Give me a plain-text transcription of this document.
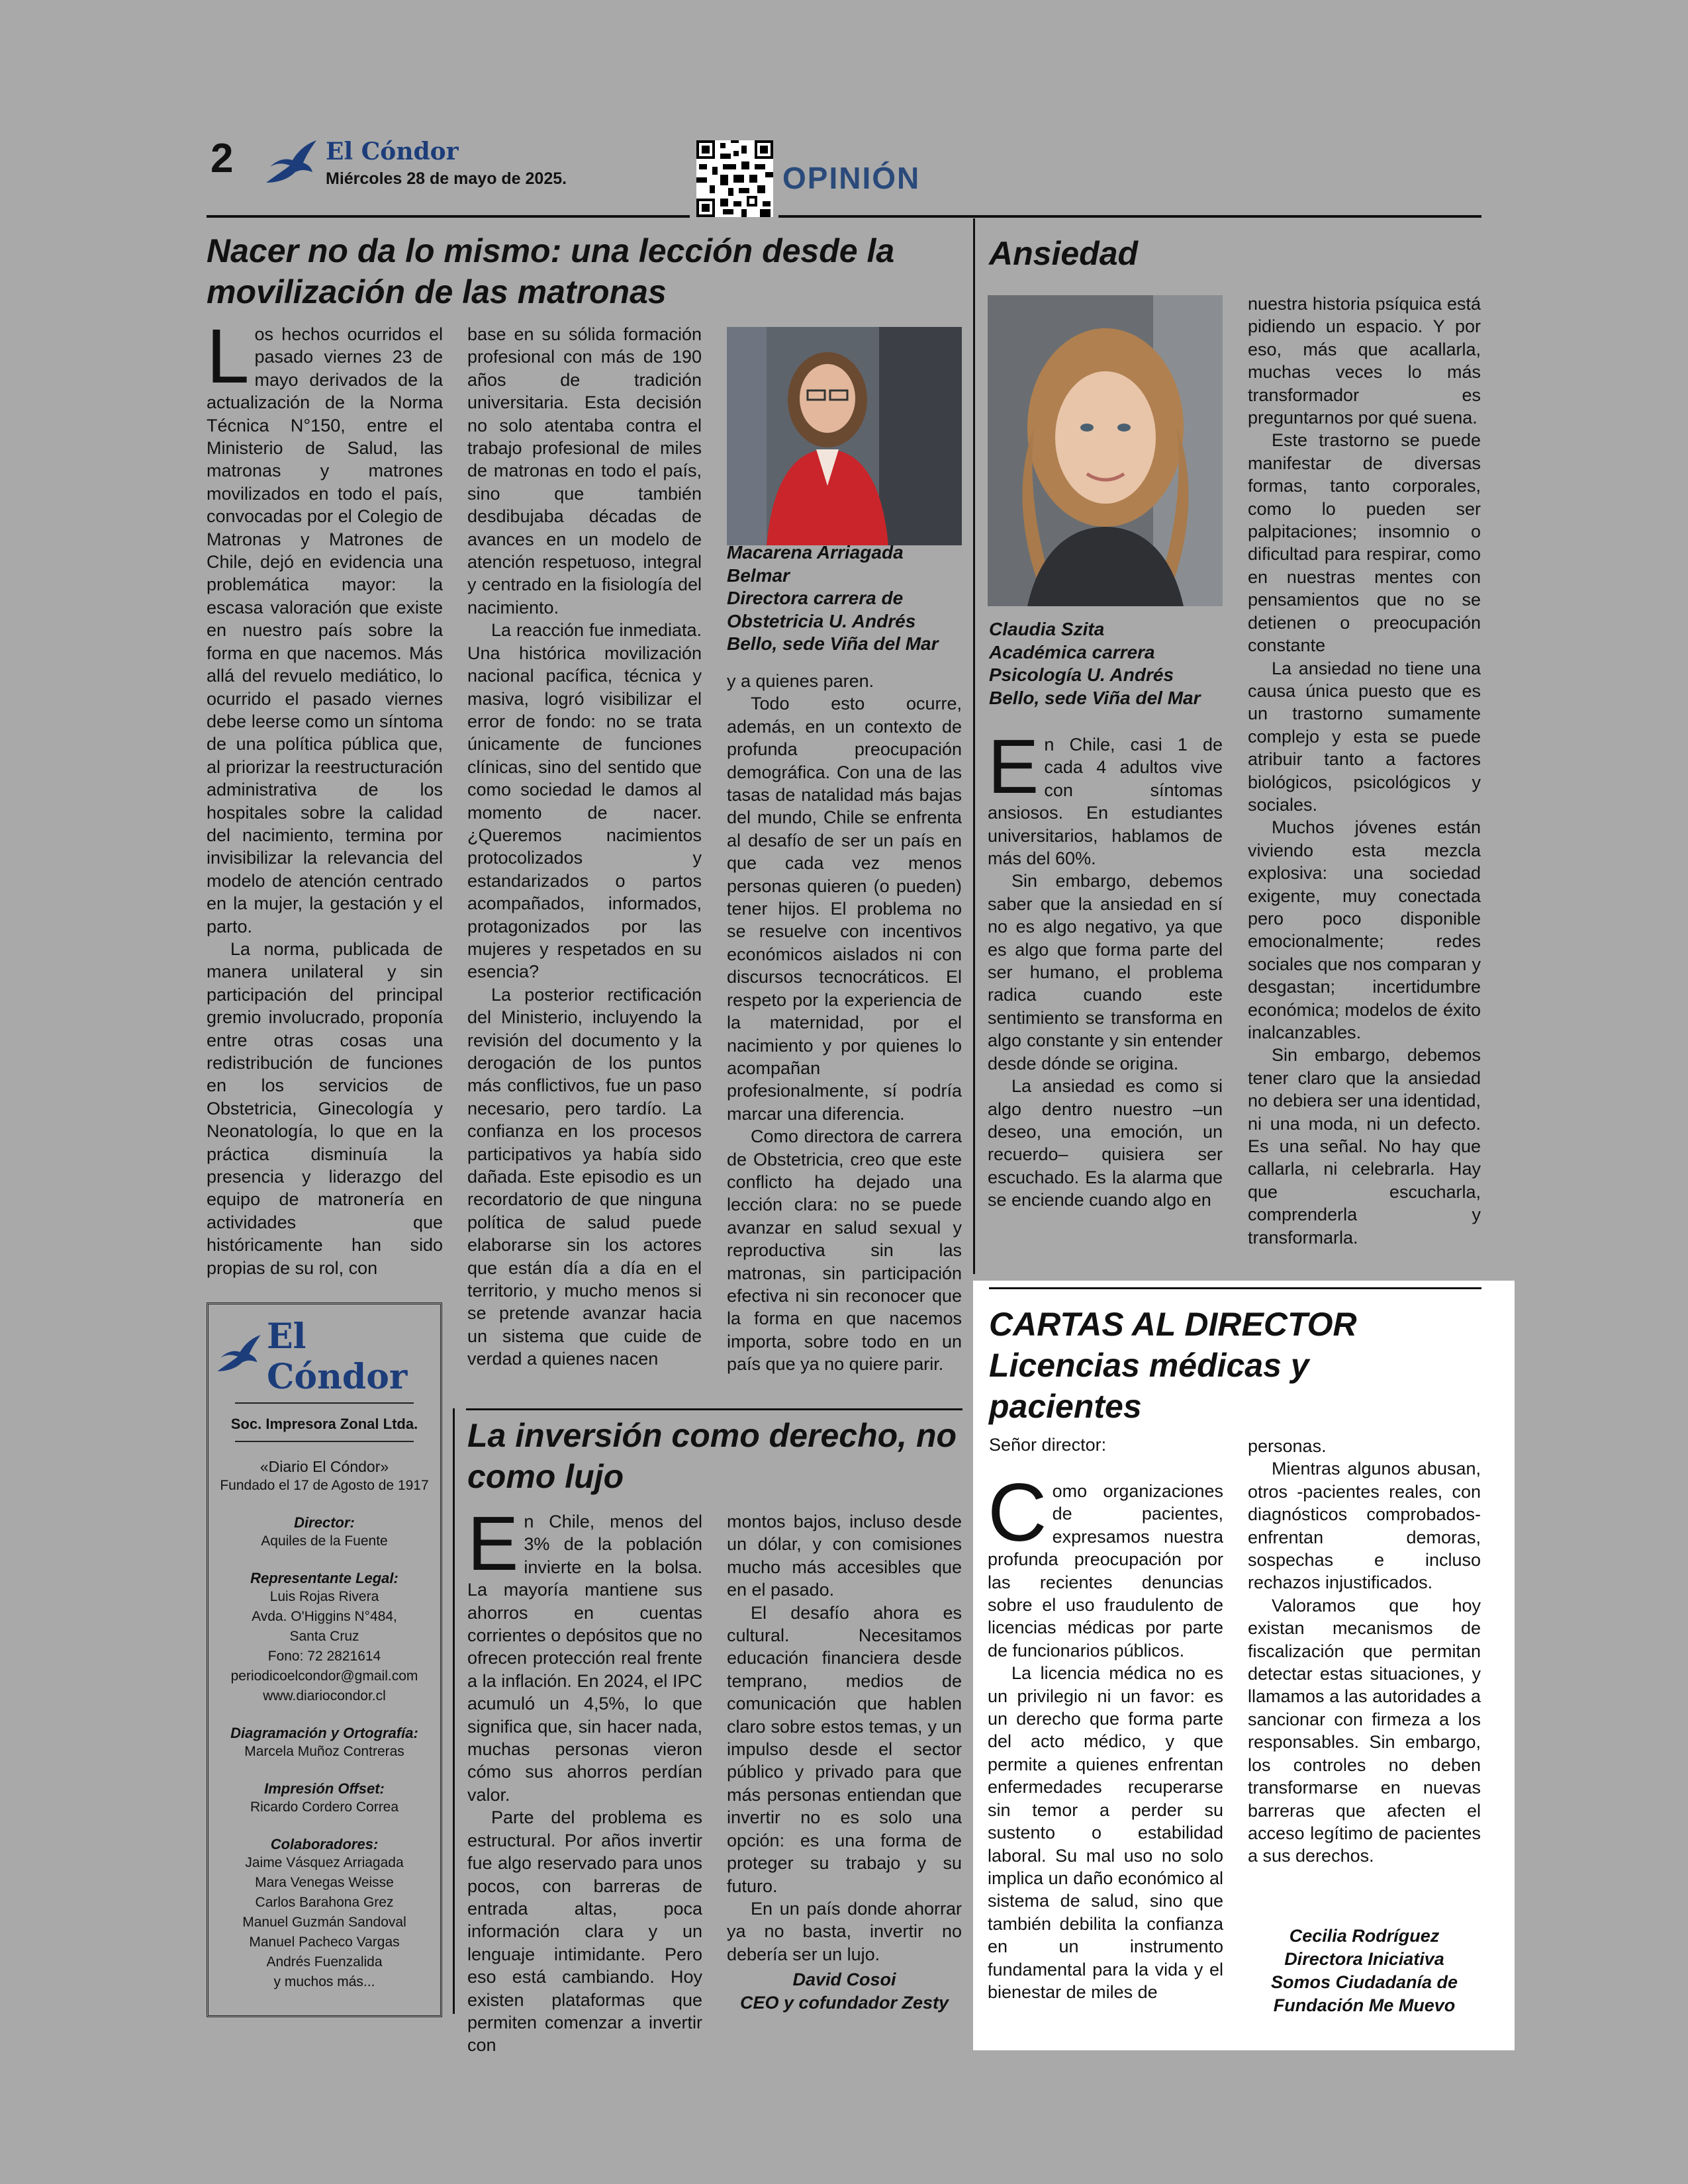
2	El Cóndor
Miércoles 28 de mayo de 2025.	OPINIÓN
Nacer no da lo mismo: una lección desde la movilización de las matronas

Los hechos ocurridos el pasado viernes 23 de mayo derivados de la actualización de la Norma Técnica N°150, entre el Ministerio de Salud, las matronas y matrones movilizados en todo el país, convocadas por el Colegio de Matronas y Matrones de Chile, dejó en evidencia una problemática mayor: la escasa valoración que existe en nuestro país sobre la forma en que nacemos. Más allá del revuelo mediático, lo ocurrido el pasado viernes debe leerse como un síntoma de una política pública que, al priorizar la reestructuración administrativa de los hospitales sobre la calidad del nacimiento, termina por invisibilizar la relevancia del modelo de atención centrado en la mujer, la gestación y el parto.

La norma, publicada de manera unilateral y sin participación del principal gremio involucrado, proponía entre otras cosas una redistribución de funciones en los servicios de Obstetricia, Ginecología y Neonatología, lo que en la práctica disminuía la presencia y liderazgo del equipo de matronería en actividades que históricamente han sido propias de su rol, con

base en su sólida formación profesional con más de 190 años de tradición universitaria. Esta decisión no solo atentaba contra el trabajo profesional de miles de matronas en todo el país, sino que también desdibujaba décadas de avances en un modelo de atención respetuoso, integral y centrado en la fisiología del nacimiento.

La reacción fue inmediata. Una histórica movilización nacional pacífica, técnica y masiva, logró visibilizar el error de fondo: no se trata únicamente de funciones clínicas, sino del sentido que como sociedad le damos al momento de nacer. ¿Queremos nacimientos protocolizados y estandarizados o partos acompañados, informados, protagonizados por las mujeres y respetados en su esencia?

La posterior rectificación del Ministerio, incluyendo la revisión del documento y la derogación de los puntos más conflictivos, fue un paso necesario, pero tardío. La confianza en los procesos participativos ya había sido dañada. Este episodio es un recordatorio de que ninguna política de salud puede elaborarse sin los actores que están día a día en el territorio, y mucho menos si se pretende avanzar hacia un sistema que cuide de verdad a quienes nacen

Macarena Arriagada
Belmar
Directora carrera de
Obstetricia U. Andrés
Bello, sede Viña del Mar

y a quienes paren.

Todo esto ocurre, además, en un contexto de profunda preocupación demográfica. Con una de las tasas de natalidad más bajas del mundo, Chile se enfrenta al desafío de ser un país en que cada vez menos personas quieren (o pueden) tener hijos. El problema no se resuelve con incentivos económicos aislados ni con discursos tecnocráticos. El respeto por la experiencia de la maternidad, por el nacimiento y por quienes lo acompañan profesionalmente, sí podría marcar una diferencia.

Como directora de carrera de Obstetricia, creo que este conflicto ha dejado una lección clara: no se puede avanzar en salud sexual y reproductiva sin las matronas, sin participación efectiva ni sin reconocer que la forma en que nacemos importa, sobre todo en un país que ya no quiere parir.

Ansiedad
Claudia Szita
Académica carrera
Psicología U. Andrés
Bello, sede Viña del Mar

En Chile, casi 1 de cada 4 adultos vive con síntomas ansiosos. En estudiantes universitarios, hablamos de más del 60%.

Sin embargo, debemos saber que la ansiedad en sí no es algo negativo, ya que es algo que forma parte del ser humano, el problema radica cuando este sentimiento se transforma en algo constante y sin entender desde dónde se origina.

La ansiedad es como si algo dentro nuestro –un deseo, una emoción, un recuerdo– quisiera ser escuchado. Es la alarma que se enciende cuando algo en

nuestra historia psíquica está pidiendo un espacio. Y por eso, más que acallarla, muchas veces lo más transformador es preguntarnos por qué suena.

Este trastorno se puede manifestar de diversas formas, tanto corporales, como lo pueden ser palpitaciones; insomnio o dificultad para respirar, como en nuestras mentes con pensamientos que no se detienen o preocupación constante

La ansiedad no tiene una causa única puesto que es un trastorno sumamente complejo y esta se puede atribuir tanto a factores biológicos, psicológicos y sociales.

Muchos jóvenes están viviendo esta mezcla explosiva: una sociedad exigente, muy conectada pero poco disponible emocionalmente; redes sociales que nos comparan y desgastan; incertidumbre económica; modelos de éxito inalcanzables.

Sin embargo, debemos tener claro que la ansiedad no debiera ser una identidad, ni una moda, ni un defecto. Es una señal. No hay que callarla, ni celebrarla. Hay que escucharla, comprenderla y transformarla.

El Cóndor
Soc. Impresora Zonal Ltda.
«Diario El Cóndor»
Fundado el 17 de Agosto de 1917
Director:
Aquiles de la Fuente
Representante Legal:
Luis Rojas Rivera
Avda. O'Higgins N°484,
Santa Cruz
Fono: 72 2821614
periodicoelcondor@gmail.com
www.diariocondor.cl
Diagramación y Ortografía:
Marcela Muñoz Contreras
Impresión Offset:
Ricardo Cordero Correa
Colaboradores:
Jaime Vásquez Arriagada
Mara Venegas Weisse
Carlos Barahona Grez
Manuel Guzmán Sandoval
Manuel Pacheco Vargas
Andrés Fuenzalida
y muchos más...
La inversión como derecho, no como lujo

En Chile, menos del 3% de la población invierte en la bolsa. La mayoría mantiene sus ahorros en cuentas corrientes o depósitos que no ofrecen protección real frente a la inflación. En 2024, el IPC acumuló un 4,5%, lo que significa que, sin hacer nada, muchas personas vieron cómo sus ahorros perdían valor.

Parte del problema es estructural. Por años invertir fue algo reservado para unos pocos, con barreras de entrada altas, poca información clara y un lenguaje intimidante. Pero eso está cambiando. Hoy existen plataformas que permiten comenzar a invertir con

montos bajos, incluso desde un dólar, y con comisiones mucho más accesibles que en el pasado.

El desafío ahora es cultural. Necesitamos educación financiera desde temprano, medios de comunicación que hablen claro sobre estos temas, y un impulso desde el sector público y privado para que más personas entiendan que invertir no es solo una opción: es una forma de proteger su trabajo y su futuro.

En un país donde ahorrar ya no basta, invertir no debería ser un lujo.

David Cosoi
CEO y cofundador Zesty
CARTAS AL DIRECTOR
Licencias médicas y pacientes
Señor director:

Como organizaciones de pacientes, expresamos nuestra profunda preocupación por las recientes denuncias sobre el uso fraudulento de licencias médicas por parte de funcionarios públicos.

La licencia médica no es un privilegio ni un favor: es un derecho que forma parte del acto médico, y que permite a quienes enfrentan enfermedades recuperarse sin temor a perder su sustento o estabilidad laboral. Su mal uso no solo implica un daño económico al sistema de salud, sino que también debilita la confianza en un instrumento fundamental para la vida y el bienestar de miles de

personas.

Mientras algunos abusan, otros -pacientes reales, con diagnósticos comprobados- enfrentan demoras, sospechas e incluso rechazos injustificados.

Valoramos que hoy existan mecanismos de fiscalización que permitan detectar estas situaciones, y llamamos a las autoridades a sancionar con firmeza a los responsables. Sin embargo, los controles no deben transformarse en nuevas barreras que afecten el acceso legítimo de pacientes a sus derechos.

Cecilia Rodríguez
Directora Iniciativa
Somos Ciudadanía de
Fundación Me Muevo
